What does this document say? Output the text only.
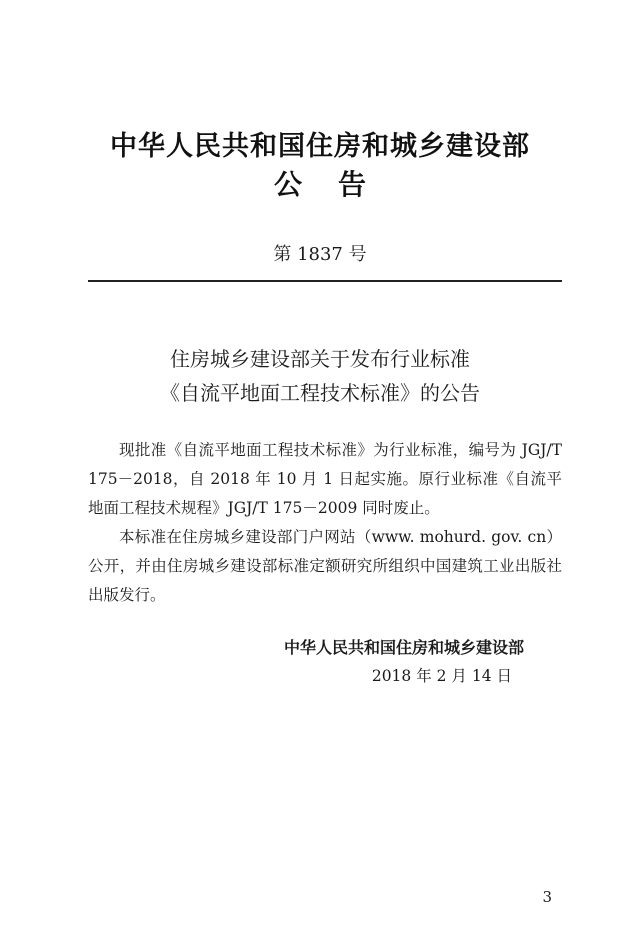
中华人民共和国住房和城乡建设部
公告
第 1837 号
住房城乡建设部关于发布行业标准
《自流平地面工程技术标准》的公告

现批准《自流平地面工程技术标准》为行业标准，编号为 JGJ/T 175－2018，自 2018 年 10 月 1 日起实施。原行业标准《自流平地面工程技术规程》JGJ/T 175－2009 同时废止。

本标准在住房城乡建设部门户网站（www. mohurd. gov. cn）公开，并由住房城乡建设部标准定额研究所组织中国建筑工业出版社出版发行。

中华人民共和国住房和城乡建设部
2018 年 2 月 14 日
3
